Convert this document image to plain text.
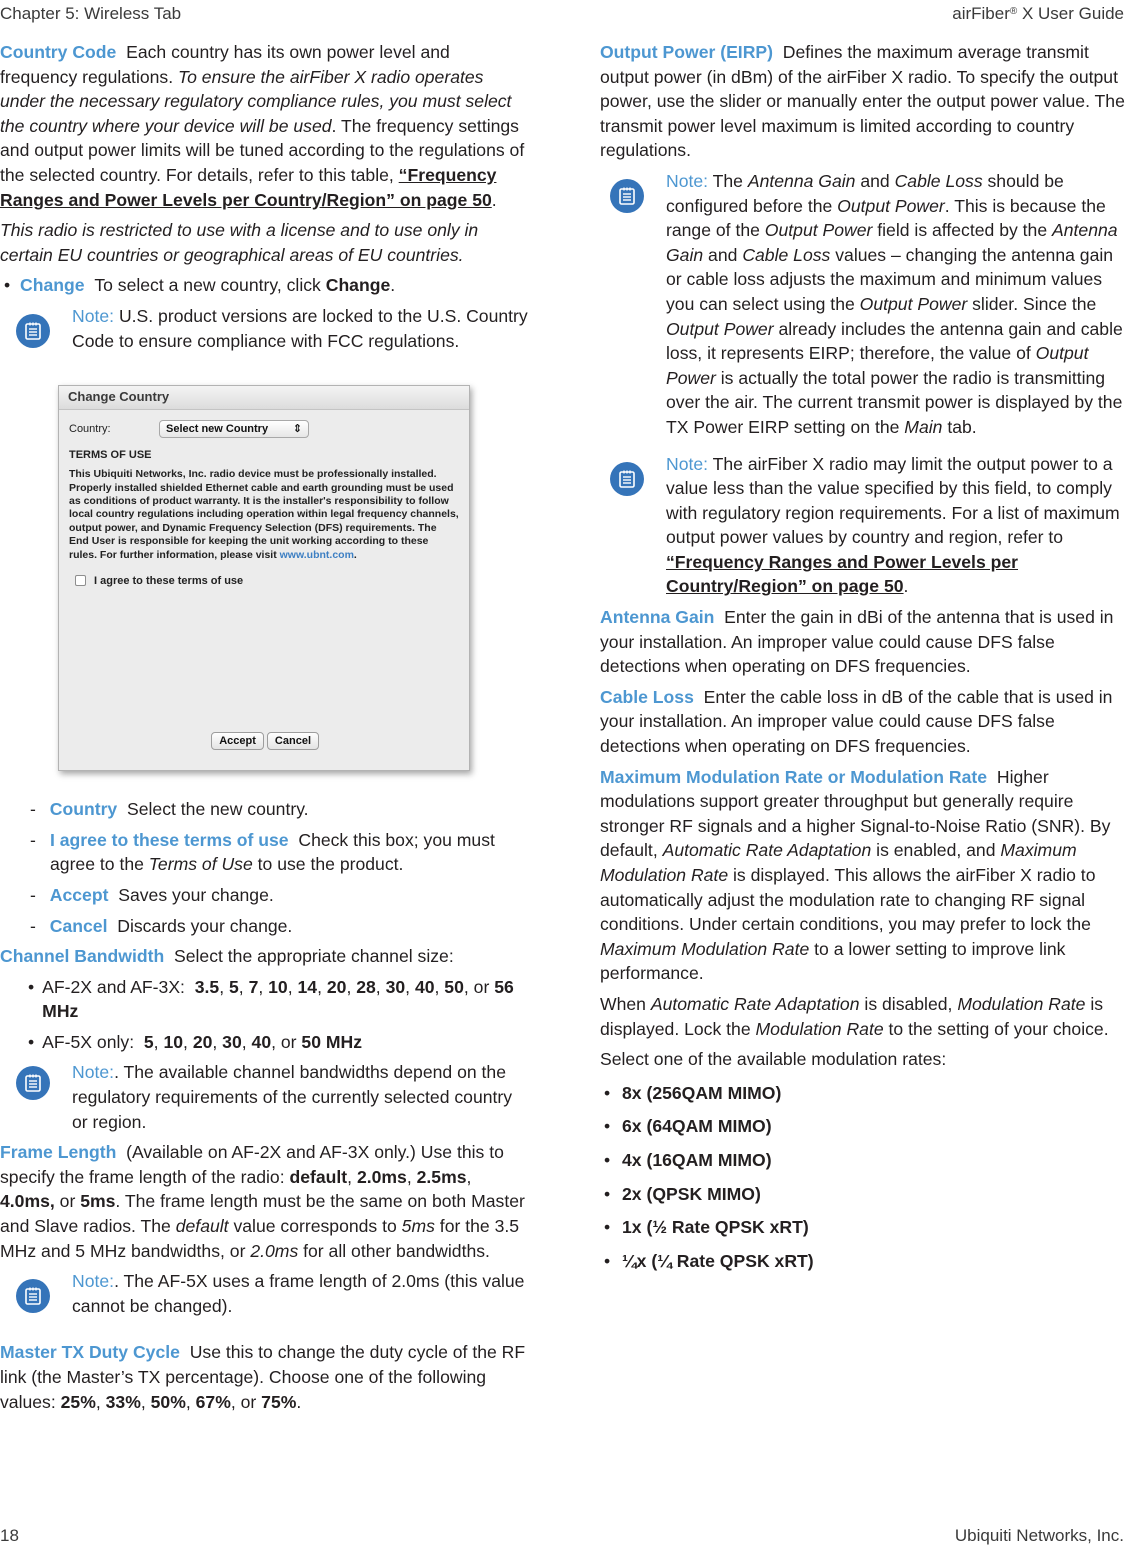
Chapter 5: Wireless Tab	airFiber® X User Guide

Country Code Each country has its own power level and frequency regulations. To ensure the airFiber X radio operates under the necessary regulatory compliance rules, you must select the country where your device will be used. The frequency settings and output power limits will be tuned according to the regulations of the selected country. For details, refer to this table, “Frequency Ranges and Power Levels per Country/Region” on page 50.

This radio is restricted to use with a license and to use only in certain EU countries or geographical areas of EU countries.

• Change To select a new country, click Change.
Note: U.S. product versions are locked to the U.S. Country Code to ensure compliance with FCC regulations.
Change Country
Country:	Select new Country ⇕
TERMS OF USE
This Ubiquiti Networks, Inc. radio device must be professionally installed. Properly installed shielded Ethernet cable and earth grounding must be used as conditions of product warranty. It is the installer's responsibility to follow local country regulations including operation within legal frequency channels, output power, and Dynamic Frequency Selection (DFS) requirements. The End User is responsible for keeping the unit working according to these rules. For further information, please visit www.ubnt.com.
I agree to these terms of use
Accept	Cancel
- Country Select the new country.
- I agree to these terms of use Check this box; you must agree to the Terms of Use to use the product.
- Accept Saves your change.
- Cancel Discards your change.

Channel Bandwidth Select the appropriate channel size:

• AF-2X and AF-3X:  3.5, 5, 7, 10, 14, 20, 28, 30, 40, 50, or 56 MHz
• AF-5X only:  5, 10, 20, 30, 40, or 50 MHz
Note:. The available channel bandwidths depend on the regulatory requirements of the currently selected country or region.

Frame Length (Available on AF-2X and AF-3X only.) Use this to specify the frame length of the radio: default, 2.0ms, 2.5ms, 4.0ms, or 5ms. The frame length must be the same on both Master and Slave radios. The default value corresponds to 5ms for the 3.5 MHz and 5 MHz bandwidths, or 2.0ms for all other bandwidths.

Note:. The AF-5X uses a frame length of 2.0ms (this value cannot be changed).

Master TX Duty Cycle Use this to change the duty cycle of the RF link (the Master’s TX percentage). Choose one of the following values: 25%, 33%, 50%, 67%, or 75%.

Output Power (EIRP) Defines the maximum average transmit output power (in dBm) of the airFiber X radio. To specify the output power, use the slider or manually enter the output power value. The transmit power level maximum is limited according to country regulations.

Note: The Antenna Gain and Cable Loss should be configured before the Output Power. This is because the range of the Output Power field is affected by the Antenna Gain and Cable Loss values – changing the antenna gain or cable loss adjusts the maximum and minimum values you can select using the Output Power slider. Since the Output Power already includes the antenna gain and cable loss, it represents EIRP; therefore, the value of Output Power is actually the total power the radio is transmitting over the air. The current transmit power is displayed by the TX Power EIRP setting on the Main tab.
Note: The airFiber X radio may limit the output power to a value less than the value specified by this field, to comply with regulatory region requirements. For a list of maximum output power values by country and region, refer to “Frequency Ranges and Power Levels per Country/Region” on page 50.

Antenna Gain Enter the gain in dBi of the antenna that is used in your installation. An improper value could cause DFS false detections when operating on DFS frequencies.

Cable Loss Enter the cable loss in dB of the cable that is used in your installation. An improper value could cause DFS false detections when operating on DFS frequencies.

Maximum Modulation Rate or Modulation Rate Higher modulations support greater throughput but generally require stronger RF signals and a higher Signal-to-Noise Ratio (SNR). By default, Automatic Rate Adaptation is enabled, and Maximum Modulation Rate is displayed. This allows the airFiber X radio to automatically adjust the modulation rate to changing RF signal conditions. Under certain conditions, you may prefer to lock the Maximum Modulation Rate to a lower setting to improve link performance.

When Automatic Rate Adaptation is disabled, Modulation Rate is displayed. Lock the Modulation Rate to the setting of your choice.

Select one of the available modulation rates:

• 8x (256QAM MIMO)
• 6x (64QAM MIMO)
• 4x (16QAM MIMO)
• 2x (QPSK MIMO)
• 1x (½ Rate QPSK xRT)
• ¼x (¼ Rate QPSK xRT)
18	Ubiquiti Networks, Inc.
